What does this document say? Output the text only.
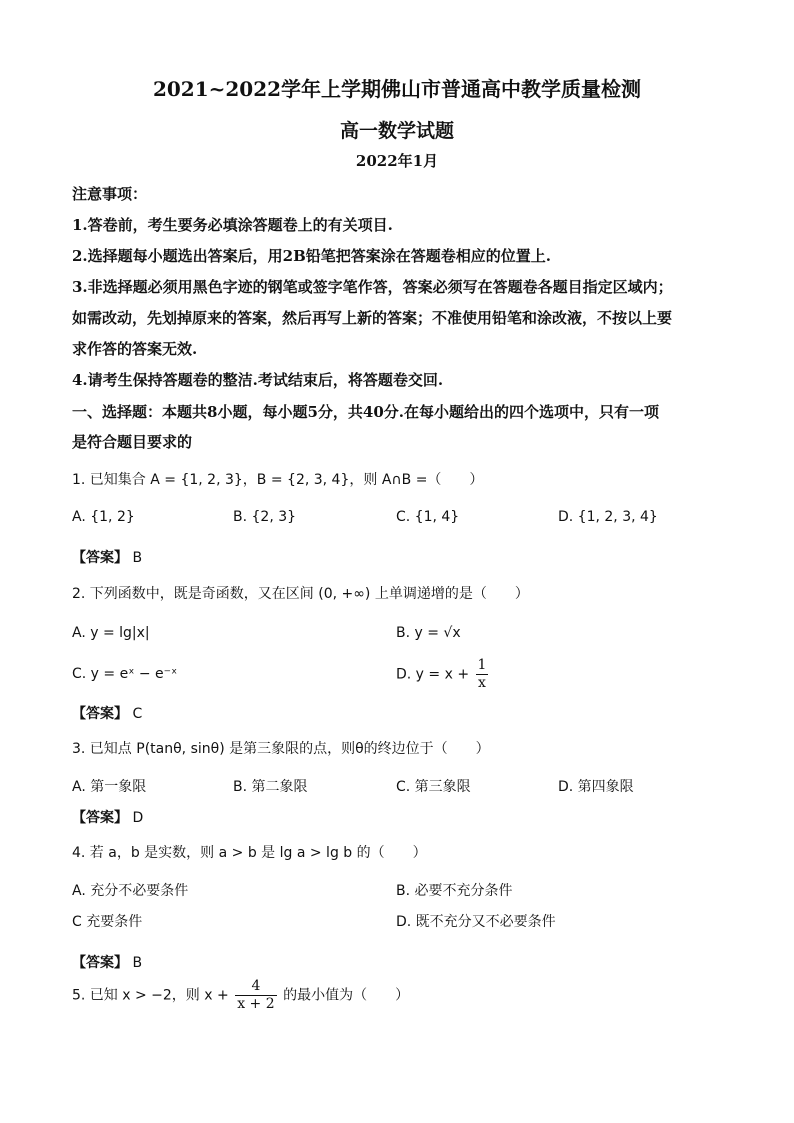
2021~2022学年上学期佛山市普通高中教学质量检测
高一数学试题
2022年1月
注意事项：
1.答卷前，考生要务必填涂答题卷上的有关项目.
2.选择题每小题选出答案后，用2B铅笔把答案涂在答题卷相应的位置上.
3.非选择题必须用黑色字迹的钢笔或签字笔作答，答案必须写在答题卷各题目指定区域内；
如需改动，先划掉原来的答案，然后再写上新的答案；不准使用铅笔和涂改液，不按以上要
求作答的答案无效.
4.请考生保持答题卷的整洁.考试结束后，将答题卷交回.
一、选择题：本题共8小题，每小题5分，共40分.在每小题给出的四个选项中，只有一项
是符合题目要求的
1. 已知集合 A = {1, 2, 3}，B = {2, 3, 4}，则 A∩B =（　　）
A. {1, 2}	B. {2, 3}	C. {1, 4}	D. {1, 2, 3, 4}
【答案】 B
2. 下列函数中，既是奇函数，又在区间 (0, +∞) 上单调递增的是（　　）
A. y = lg|x|	B. y = √x
C. y = eˣ − e⁻ˣ	D. $y = x + \frac{1}{x}$
【答案】 C
3. 已知点 P(tanθ, sinθ) 是第三象限的点，则θ的终边位于（　　）
A. 第一象限	B. 第二象限	C. 第三象限	D. 第四象限
【答案】 D
4. 若 a，b 是实数，则 a > b 是 lg a > lg b 的（　　）
A. 充分不必要条件	B. 必要不充分条件
C 充要条件	D. 既不充分又不必要条件
【答案】 B
5. 已知 x > −2，则 $x + \frac{4}{x + 2}$ 的最小值为（　　）
